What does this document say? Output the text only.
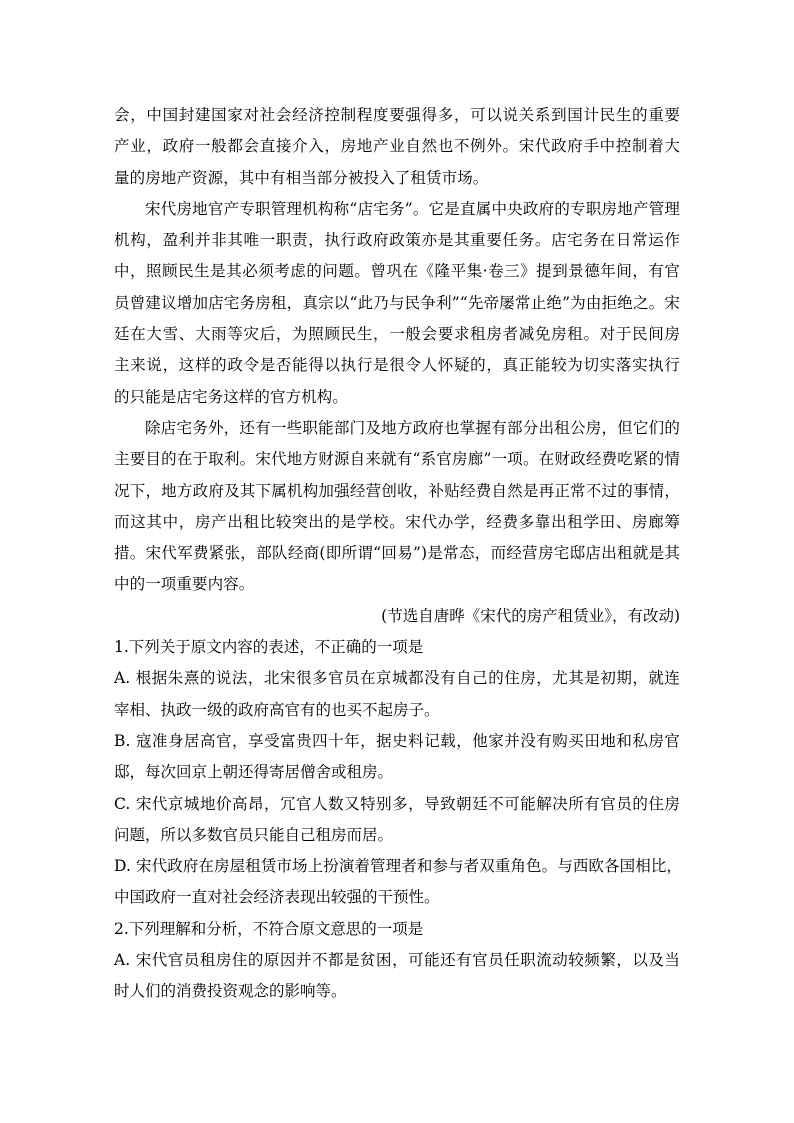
会，中国封建国家对社会经济控制程度要强得多，可以说关系到国计民生的重要
产业，政府一般都会直接介入，房地产业自然也不例外。宋代政府手中控制着大
量的房地产资源，其中有相当部分被投入了租赁市场。
宋代房地官产专职管理机构称“店宅务”。它是直属中央政府的专职房地产管理
机构，盈利并非其唯一职责，执行政府政策亦是其重要任务。店宅务在日常运作
中，照顾民生是其必须考虑的问题。曾巩在《隆平集·卷三》提到景德年间，有官
员曾建议增加店宅务房租，真宗以“此乃与民争利”“先帝屡常止绝”为由拒绝之。宋
廷在大雪、大雨等灾后，为照顾民生，一般会要求租房者减免房租。对于民间房
主来说，这样的政令是否能得以执行是很令人怀疑的，真正能较为切实落实执行
的只能是店宅务这样的官方机构。
除店宅务外，还有一些职能部门及地方政府也掌握有部分出租公房，但它们的
主要目的在于取利。宋代地方财源自来就有“系官房廊”一项。在财政经费吃紧的情
况下，地方政府及其下属机构加强经营创收，补贴经费自然是再正常不过的事情，
而这其中，房产出租比较突出的是学校。宋代办学，经费多靠出租学田、房廊筹
措。宋代军费紧张，部队经商(即所谓“回易”)是常态，而经营房宅邸店出租就是其
中的一项重要内容。
(节选自唐晔《宋代的房产租赁业》，有改动)
1.下列关于原文内容的表述，不正确的一项是
A. 根据朱熹的说法，北宋很多官员在京城都没有自己的住房，尤其是初期，就连
宰相、执政一级的政府高官有的也买不起房子。
B. 寇准身居高官，享受富贵四十年，据史料记载，他家并没有购买田地和私房官
邸，每次回京上朝还得寄居僧舍或租房。
C. 宋代京城地价高昂，冗官人数又特别多，导致朝廷不可能解决所有官员的住房
问题，所以多数官员只能自己租房而居。
D. 宋代政府在房屋租赁市场上扮演着管理者和参与者双重角色。与西欧各国相比，
中国政府一直对社会经济表现出较强的干预性。
2.下列理解和分析，不符合原文意思的一项是
A. 宋代官员租房住的原因并不都是贫困，可能还有官员任职流动较频繁，以及当
时人们的消费投资观念的影响等。
